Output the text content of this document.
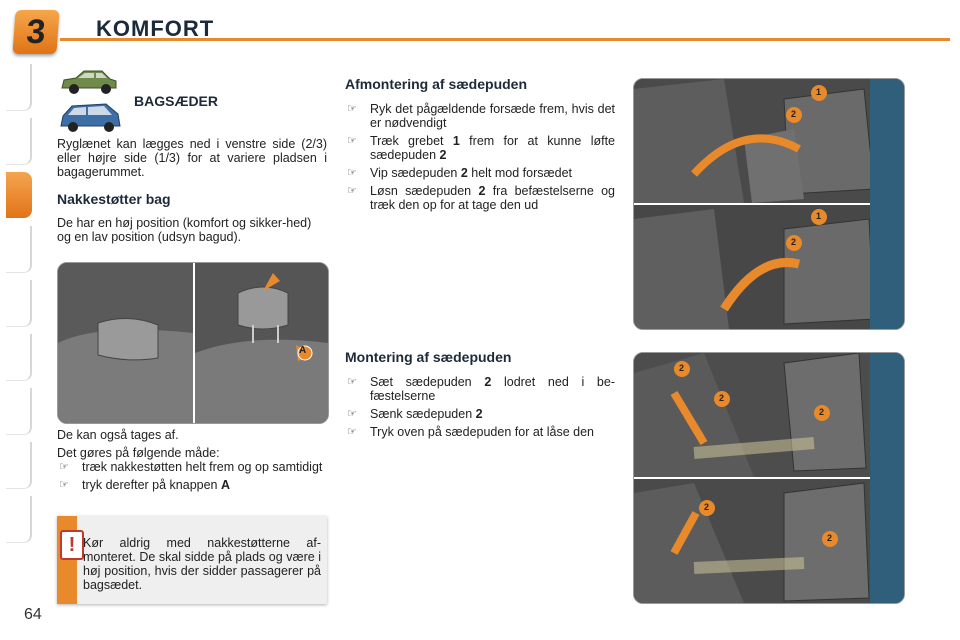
3	KOMFORT
BAGSÆDER
Ryglænet kan lægges ned i venstre side (2/3) eller højre side (1/3) for at variere pladsen i bagagerummet.
Nakkestøtter bag
De har en høj position (komfort og sikker-hed) og en lav position (udsyn bagud).
A

De kan også tages af.

Det gøres på følgende måde:

☞ træk nakkestøtten helt frem og op samtidigt
☞ tryk derefter på knappen A
! Kør aldrig med nakkestøtterne af-monteret. De skal sidde på plads og være i høj position, hvis der sidder passagerer på bagsædet.
64
Afmontering af sædepuden
☞ Ryk det pågældende forsæde frem, hvis det er nødvendigt
☞ Træk grebet 1 frem for at kunne løfte sædepuden 2
☞ Vip sædepuden 2 helt mod forsædet
☞ Løsn sædepuden 2 fra befæstelserne og træk den op for at tage den ud
Montering af sædepuden
☞ Sæt sædepuden 2 lodret ned i be-fæstelserne
☞ Sænk sædepuden 2
☞ Tryk oven på sædepuden for at låse den
1
2
1
2
2
2
2
2
2
